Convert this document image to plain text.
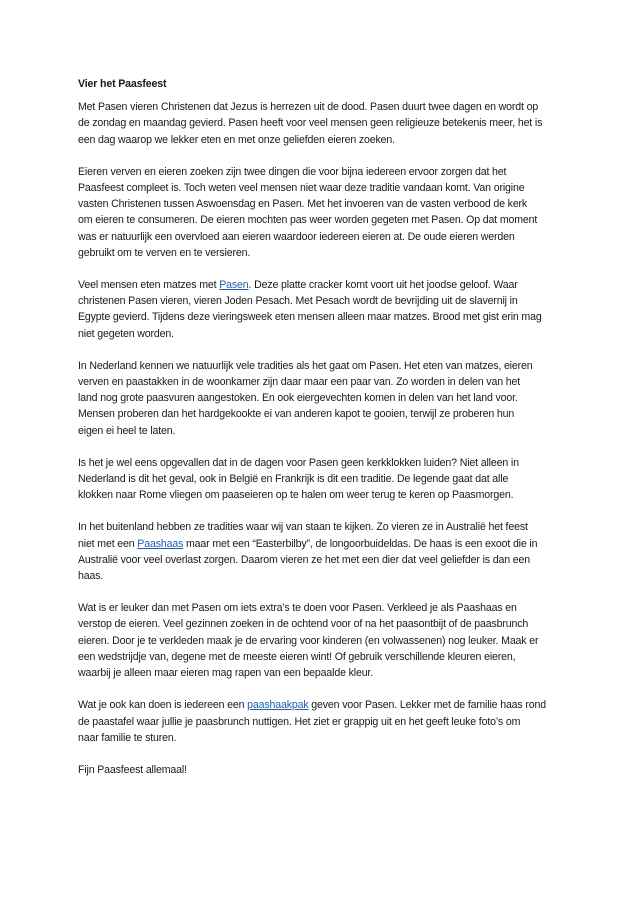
Vier het Paasfeest

Met Pasen vieren Christenen dat Jezus is herrezen uit de dood. Pasen duurt twee dagen en wordt op
de zondag en maandag gevierd. Pasen heeft voor veel mensen geen religieuze betekenis meer, het is
een dag waarop we lekker eten en met onze geliefden eieren zoeken.

Eieren verven en eieren zoeken zijn twee dingen die voor bijna iedereen ervoor zorgen dat het
Paasfeest compleet is. Toch weten veel mensen niet waar deze traditie vandaan komt. Van origine
vasten Christenen tussen Aswoensdag en Pasen. Met het invoeren van de vasten verbood de kerk
om eieren te consumeren. De eieren mochten pas weer worden gegeten met Pasen. Op dat moment
was er natuurlijk een overvloed aan eieren waardoor iedereen eieren at. De oude eieren werden
gebruikt om te verven en te versieren.

Veel mensen eten matzes met Pasen. Deze platte cracker komt voort uit het joodse geloof. Waar
christenen Pasen vieren, vieren Joden Pesach. Met Pesach wordt de bevrijding uit de slavernij in
Egypte gevierd. Tijdens deze vieringsweek eten mensen alleen maar matzes. Brood met gist erin mag
niet gegeten worden.

In Nederland kennen we natuurlijk vele tradities als het gaat om Pasen. Het eten van matzes, eieren
verven en paastakken in de woonkamer zijn daar maar een paar van. Zo worden in delen van het
land nog grote paasvuren aangestoken. En ook eiergevechten komen in delen van het land voor.
Mensen proberen dan het hardgekookte ei van anderen kapot te gooien, terwijl ze proberen hun
eigen ei heel te laten.

Is het je wel eens opgevallen dat in de dagen voor Pasen geen kerkklokken luiden? Niet alleen in
Nederland is dit het geval, ook in België en Frankrijk is dit een traditie. De legende gaat dat alle
klokken naar Rome vliegen om paaseieren op te halen om weer terug te keren op Paasmorgen.

In het buitenland hebben ze tradities waar wij van staan te kijken. Zo vieren ze in Australië het feest
niet met een Paashaas maar met een “Easterbilby”, de longoorbuideldas. De haas is een exoot die in
Australië voor veel overlast zorgen. Daarom vieren ze het met een dier dat veel geliefder is dan een
haas.

Wat is er leuker dan met Pasen om iets extra’s te doen voor Pasen. Verkleed je als Paashaas en
verstop de eieren. Veel gezinnen zoeken in de ochtend voor of na het paasontbijt of de paasbrunch
eieren. Door je te verkleden maak je de ervaring voor kinderen (en volwassenen) nog leuker. Maak er
een wedstrijdje van, degene met de meeste eieren wint! Of gebruik verschillende kleuren eieren,
waarbij je alleen maar eieren mag rapen van een bepaalde kleur.

Wat je ook kan doen is iedereen een paashaakpak geven voor Pasen. Lekker met de familie haas rond
de paastafel waar jullie je paasbrunch nuttigen. Het ziet er grappig uit en het geeft leuke foto’s om
naar familie te sturen.

Fijn Paasfeest allemaal!
